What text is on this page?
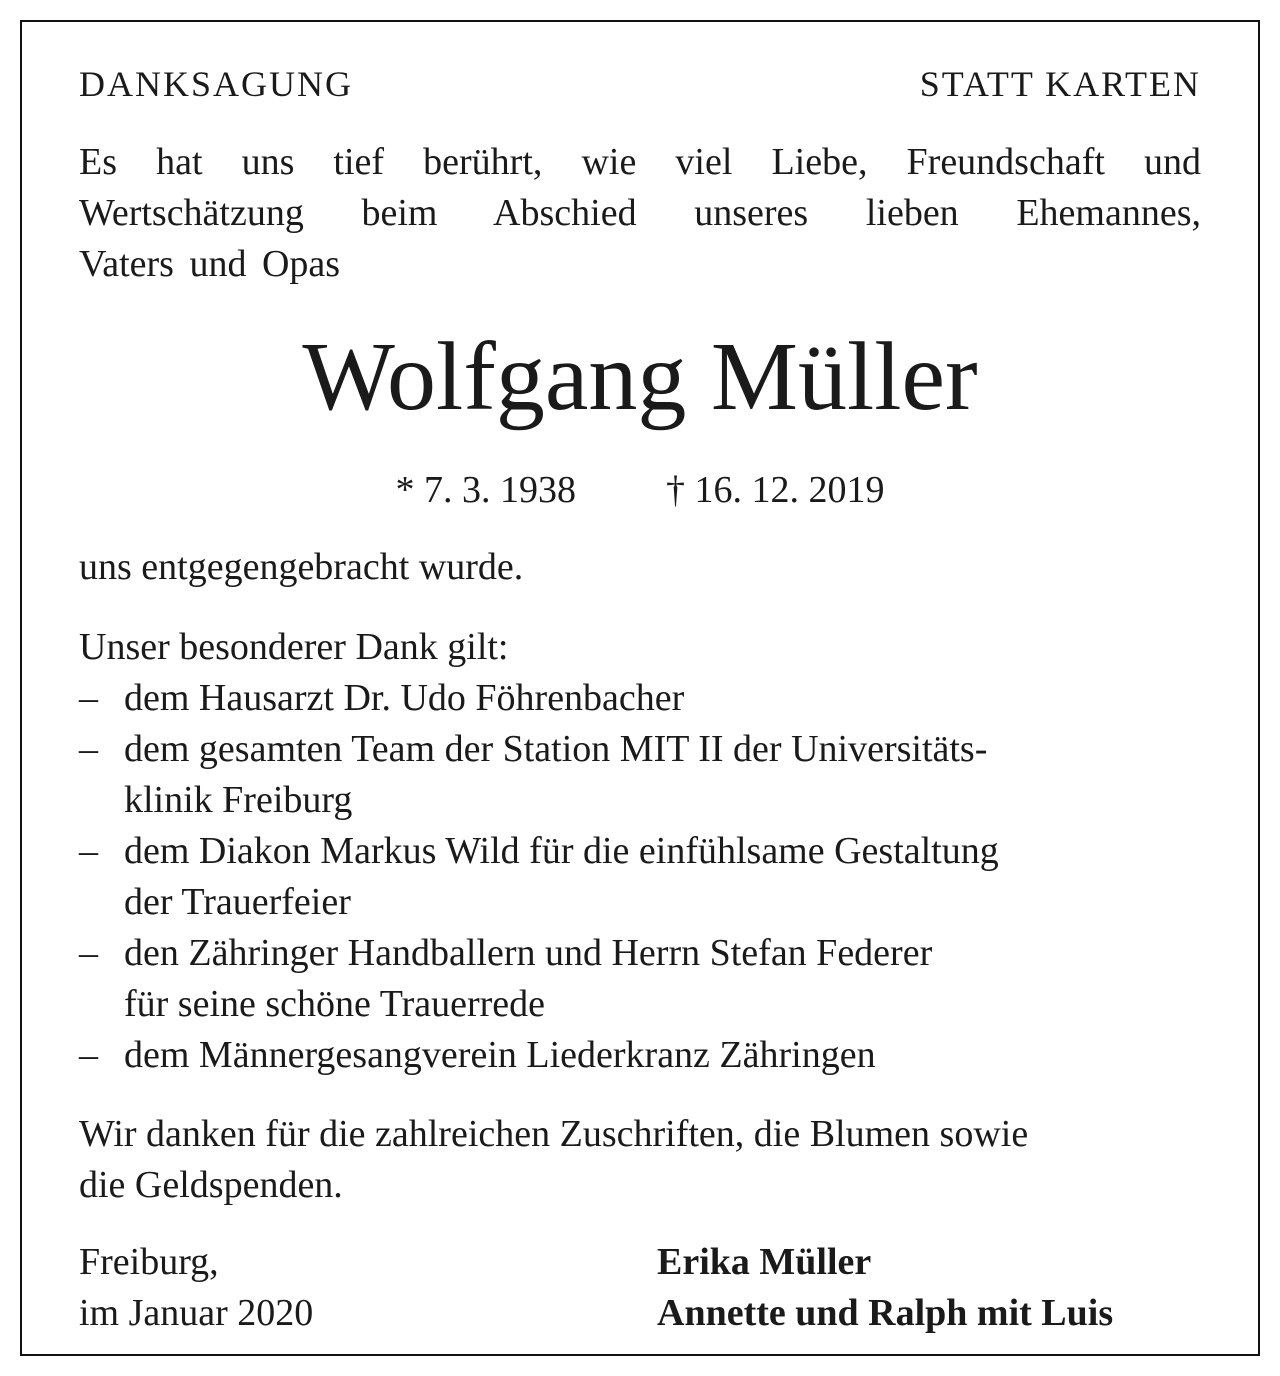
DANKSAGUNG	STATT KARTEN
Es hat uns tief berührt, wie viel Liebe, Freundschaft und
Wertschätzung beim Abschied unseres lieben Ehemannes,
Vaters und Opas
Wolfgang Müller
* 7. 3. 1938 † 16. 12. 2019
uns entgegengebracht wurde.
Unser besonderer Dank gilt:
– dem Hausarzt Dr. Udo Föhrenbacher
– dem gesamten Team der Station MIT II der Universitäts-
klinik Freiburg
– dem Diakon Markus Wild für die einfühlsame Gestaltung
der Trauerfeier
– den Zähringer Handballern und Herrn Stefan Federer
für seine schöne Trauerrede
– dem Männergesangverein Liederkranz Zähringen
Wir danken für die zahlreichen Zuschriften, die Blumen sowie
die Geldspenden.
Freiburg,
im Januar 2020
Erika Müller
Annette und Ralph mit Luis
